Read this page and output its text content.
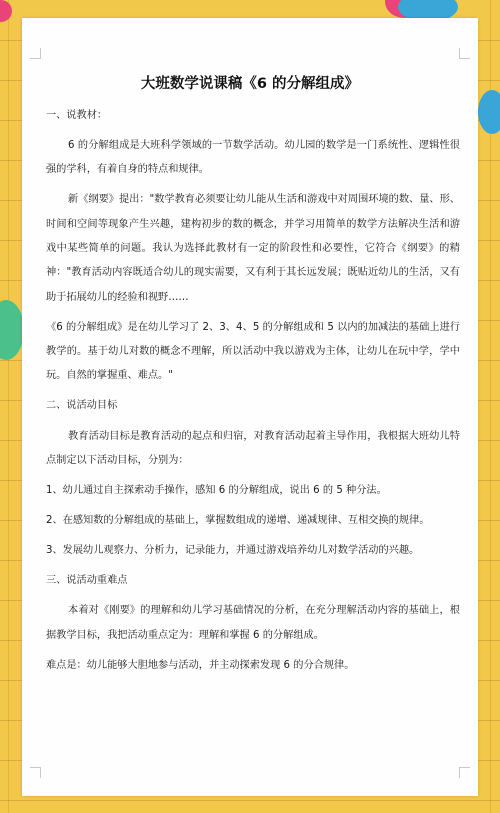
大班数学说课稿《6 的分解组成》

一、说教材：

6 的分解组成是大班科学领域的一节数学活动。幼儿园的数学是一门系统性、逻辑性很强的学科，有着自身的特点和规律。

新《纲要》提出："数学教育必须要让幼儿能从生活和游戏中对周围环境的数、量、形、时间和空间等现象产生兴趣，建构初步的数的概念，并学习用简单的数学方法解决生活和游戏中某些简单的问题。我认为选择此教材有一定的阶段性和必要性，它符合《纲要》的精神："教育活动内容既适合幼儿的现实需要，又有利于其长远发展；既贴近幼儿的生活，又有助于拓展幼儿的经验和视野……

《6 的分解组成》是在幼儿学习了 2、3、4、5 的分解组成和 5 以内的加减法的基础上进行教学的。基于幼儿对数的概念不理解，所以活动中我以游戏为主体，让幼儿在玩中学，学中玩。自然的掌握重、难点。"

二、说活动目标

教育活动目标是教育活动的起点和归宿，对教育活动起着主导作用，我根据大班幼儿特点制定以下活动目标，分别为：

1、幼儿通过自主探索动手操作，感知 6 的分解组成，说出 6 的 5 种分法。

2、在感知数的分解组成的基础上，掌握数组成的递增、递减规律、互相交换的规律。

3、发展幼儿观察力、分析力，记录能力，并通过游戏培养幼儿对数学活动的兴趣。

三、说活动重难点

本着对《刚要》的理解和幼儿学习基础情况的分析，在充分理解活动内容的基础上，根据教学目标，我把活动重点定为：理解和掌握 6 的分解组成。

难点是：幼儿能够大胆地参与活动，并主动探索发现 6 的分合规律。
